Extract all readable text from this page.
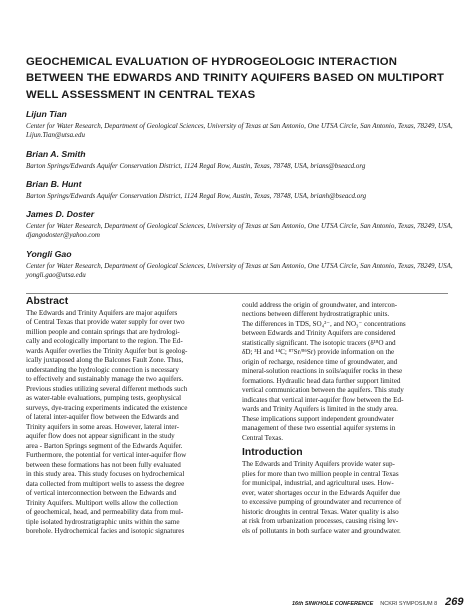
GEOCHEMICAL EVALUATION OF HYDROGEOLOGIC INTERACTION BETWEEN THE EDWARDS AND TRINITY AQUIFERS BASED ON MULTIPORT WELL ASSESSMENT IN CENTRAL TEXAS

Lijun Tian

Center for Water Research, Department of Geological Sciences, University of Texas at San Antonio, One UTSA Circle, San Antonio, Texas, 78249, USA, Lijun.Tian@utsa.edu

Brian A. Smith

Barton Springs/Edwards Aquifer Conservation District, 1124 Regal Row, Austin, Texas, 78748, USA, brians@bseacd.org

Brian B. Hunt

Barton Springs/Edwards Aquifer Conservation District, 1124 Regal Row, Austin, Texas, 78748, USA, brianh@bseacd.org

James D. Doster

Center for Water Research, Department of Geological Sciences, University of Texas at San Antonio, One UTSA Circle, San Antonio, Texas, 78249, USA, djangodoster@yahoo.com

Yongli Gao

Center for Water Research, Department of Geological Sciences, University of Texas at San Antonio, One UTSA Circle, San Antonio, Texas, 78249, USA, yongli.gao@utsa.edu

Abstract

The Edwards and Trinity Aquifers are major aquifers
of Central Texas that provide water supply for over two
million people and contain springs that are hydrologi-
cally and ecologically important to the region. The Ed-
wards Aquifer overlies the Trinity Aquifer but is geolog-
ically juxtaposed along the Balcones Fault Zone. Thus,
understanding the hydrologic connection is necessary
to effectively and sustainably manage the two aquifers.
Previous studies utilizing several different methods such
as water-table evaluations, pumping tests, geophysical
surveys, dye-tracing experiments indicated the existence
of lateral inter-aquifer flow between the Edwards and
Trinity aquifers in some areas. However, lateral inter-
aquifer flow does not appear significant in the study
area - Barton Springs segment of the Edwards Aquifer.
Furthermore, the potential for vertical inter-aquifer flow
between these formations has not been fully evaluated
in this study area. This study focuses on hydrochemical
data collected from multiport wells to assess the degree
of vertical interconnection between the Edwards and
Trinity Aquifers. Multiport wells allow the collection
of geochemical, head, and permeability data from mul-
tiple isolated hydrostratigraphic units within the same
borehole. Hydrochemical facies and isotopic signatures

could address the origin of groundwater, and intercon-
nections between different hydrostratigraphic units.
The differences in TDS, SO₄²⁻, and NO₃⁻ concentrations
between Edwards and Trinity Aquifers are considered
statistically significant. The isotopic tracers (δ¹⁸O and
δD; ³H and ¹⁴C; ⁸⁷Sr/⁸⁶Sr) provide information on the
origin of recharge, residence time of groundwater, and
mineral-solution reactions in soils/aquifer rocks in these
formations. Hydraulic head data further support limited
vertical communication between the aquifers. This study
indicates that vertical inter-aquifer flow between the Ed-
wards and Trinity Aquifers is limited in the study area.
These implications support independent groundwater
management of these two essential aquifer systems in
Central Texas.

Introduction

The Edwards and Trinity Aquifers provide water sup-
plies for more than two million people in central Texas
for municipal, industrial, and agricultural uses. How-
ever, water shortages occur in the Edwards Aquifer due
to excessive pumping of groundwater and recurrence of
historic droughts in central Texas. Water quality is also
at risk from urbanization processes, causing rising lev-
els of pollutants in both surface water and groundwater.

16th SINKHOLE CONFERENCE NCKRI SYMPOSIUM 8 269
